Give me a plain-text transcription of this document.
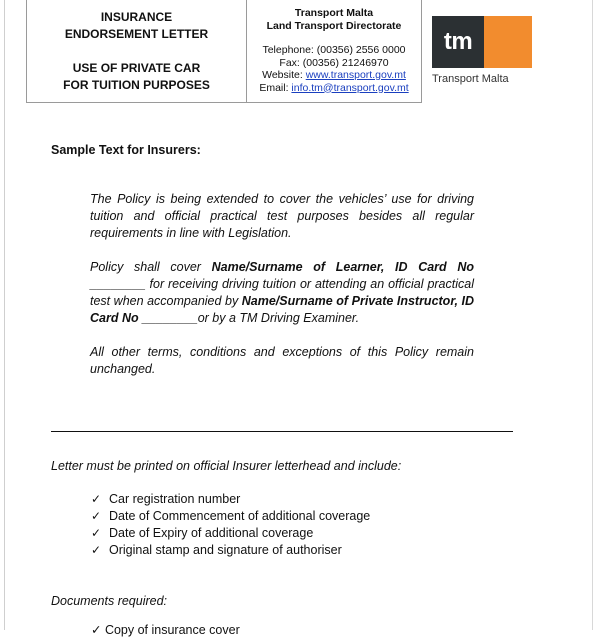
INSURANCE
ENDORSEMENT LETTER
USE OF PRIVATE CAR
FOR TUITION PURPOSES
Transport Malta
Land Transport Directorate
Telephone: (00356) 2556 0000
Fax: (00356) 21246970
Website: www.transport.gov.mt
Email: info.tm@transport.gov.mt
tm
Transport Malta
Sample Text for Insurers:
The Policy is being extended to cover the vehicles’ use for driving tuition and official practical test purposes besides all regular requirements in line with Legislation.
Policy shall cover Name/Surname of Learner, ID Card No ________ for receiving driving tuition or attending an official practical test when accompanied by Name/Surname of Private Instructor, ID Card No ________or by a TM Driving Examiner.
All other terms, conditions and exceptions of this Policy remain unchanged.
Letter must be printed on official Insurer letterhead and include:
✓ Car registration number
✓ Date of Commencement of additional coverage
✓ Date of Expiry of additional coverage
✓ Original stamp and signature of authoriser
Documents required:
✓ Copy of insurance cover
